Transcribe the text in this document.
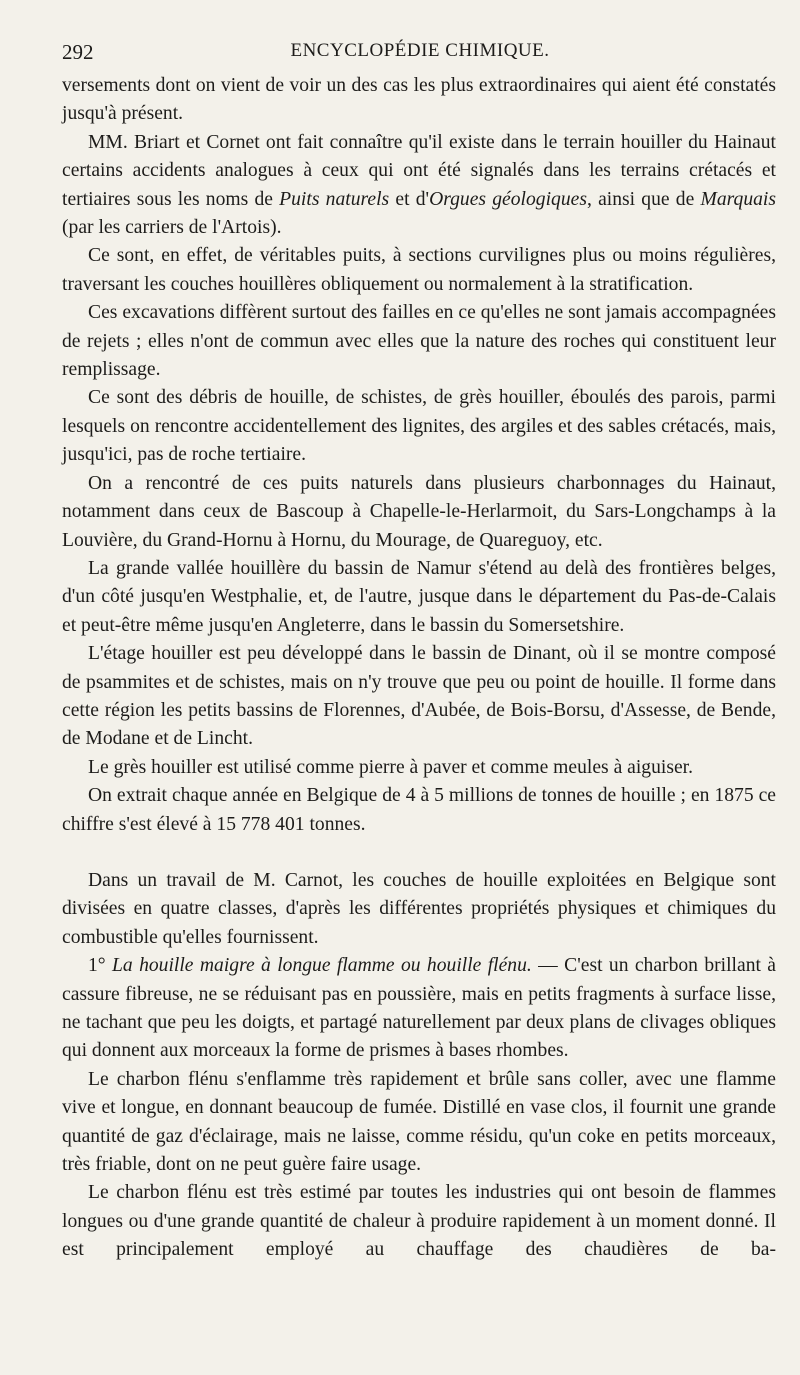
292	ENCYCLOPÉDIE CHIMIQUE.

versements dont on vient de voir un des cas les plus extraordinaires qui aient été constatés jusqu'à présent.

MM. Briart et Cornet ont fait connaître qu'il existe dans le terrain houiller du Hainaut certains accidents analogues à ceux qui ont été signalés dans les terrains crétacés et tertiaires sous les noms de Puits naturels et d'Orgues géologiques, ainsi que de Marquais (par les carriers de l'Artois).

Ce sont, en effet, de véritables puits, à sections curvilignes plus ou moins régulières, traversant les couches houillères obliquement ou normalement à la stratification.

Ces excavations diffèrent surtout des failles en ce qu'elles ne sont jamais accompagnées de rejets ; elles n'ont de commun avec elles que la nature des roches qui constituent leur remplissage.

Ce sont des débris de houille, de schistes, de grès houiller, éboulés des parois, parmi lesquels on rencontre accidentellement des lignites, des argiles et des sables crétacés, mais, jusqu'ici, pas de roche tertiaire.

On a rencontré de ces puits naturels dans plusieurs charbonnages du Hainaut, notamment dans ceux de Bascoup à Chapelle-le-Herlarmoit, du Sars-Longchamps à la Louvière, du Grand-Hornu à Hornu, du Mourage, de Quareguoy, etc.

La grande vallée houillère du bassin de Namur s'étend au delà des frontières belges, d'un côté jusqu'en Westphalie, et, de l'autre, jusque dans le département du Pas-de-Calais et peut-être même jusqu'en Angleterre, dans le bassin du Somersetshire.

L'étage houiller est peu développé dans le bassin de Dinant, où il se montre composé de psammites et de schistes, mais on n'y trouve que peu ou point de houille. Il forme dans cette région les petits bassins de Florennes, d'Aubée, de Bois-Borsu, d'Assesse, de Bende, de Modane et de Lincht.

Le grès houiller est utilisé comme pierre à paver et comme meules à aiguiser.

On extrait chaque année en Belgique de 4 à 5 millions de tonnes de houille ; en 1875 ce chiffre s'est élevé à 15 778 401 tonnes.

Dans un travail de M. Carnot, les couches de houille exploitées en Belgique sont divisées en quatre classes, d'après les différentes propriétés physiques et chimiques du combustible qu'elles fournissent.

1° La houille maigre à longue flamme ou houille flénu. — C'est un charbon brillant à cassure fibreuse, ne se réduisant pas en poussière, mais en petits fragments à surface lisse, ne tachant que peu les doigts, et partagé naturellement par deux plans de clivages obliques qui donnent aux morceaux la forme de prismes à bases rhombes.

Le charbon flénu s'enflamme très rapidement et brûle sans coller, avec une flamme vive et longue, en donnant beaucoup de fumée. Distillé en vase clos, il fournit une grande quantité de gaz d'éclairage, mais ne laisse, comme résidu, qu'un coke en petits morceaux, très friable, dont on ne peut guère faire usage.

Le charbon flénu est très estimé par toutes les industries qui ont besoin de flammes longues ou d'une grande quantité de chaleur à produire rapidement à un moment donné. Il est principalement employé au chauffage des chaudières de ba-
